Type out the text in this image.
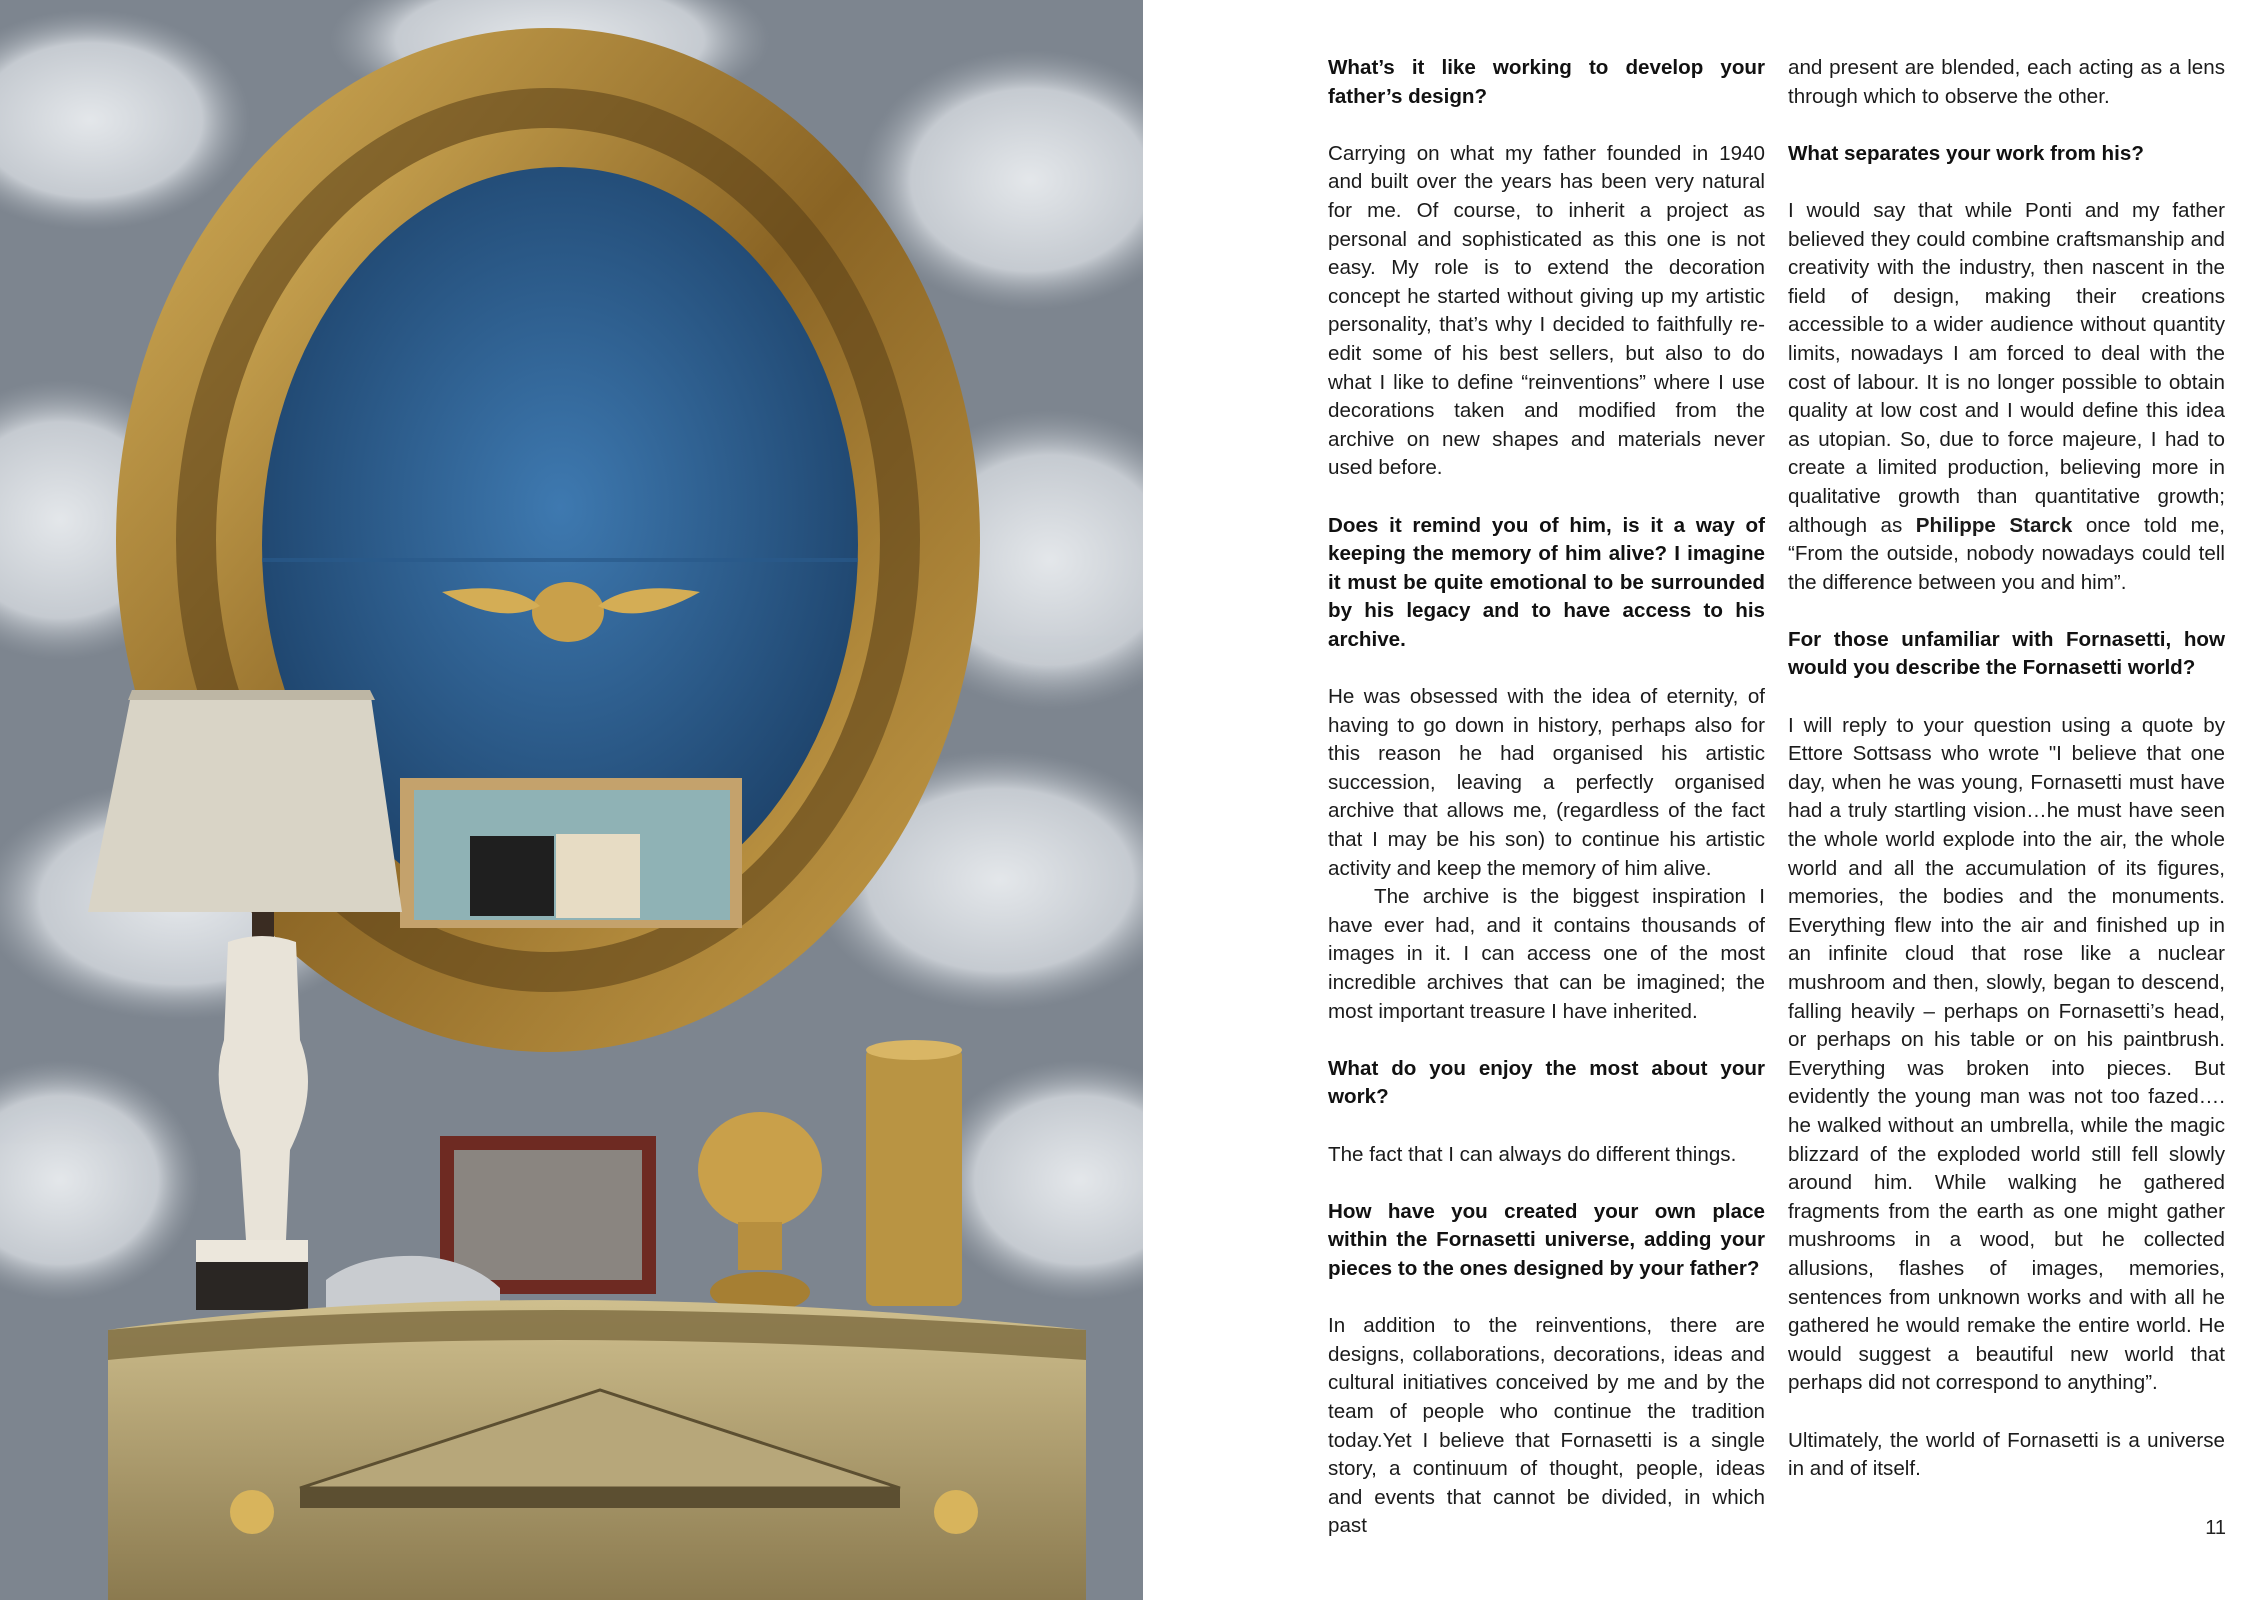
What’s it like working to develop your father’s design?

Carrying on what my father founded in 1940 and built over the years has been very natural for me. Of course, to inherit a project as personal and sophisticated as this one is not easy. My role is to extend the decoration concept he started without giving up my artistic personality, that’s why I decided to faithfully re-edit some of his best sellers, but also to do what I like to define “reinventions” where I use decorations taken and modified from the archive on new shapes and materials never used before.

Does it remind you of him, is it a way of keeping the memory of him alive? I imagine it must be quite emotional to be surrounded by his legacy and to have access to his archive.

He was obsessed with the idea of eternity, of having to go down in history, perhaps also for this reason he had organised his artistic succession, leaving a perfectly organised archive that allows me, (regardless of the fact that I may be his son) to continue his artistic activity and keep the memory of him alive.

The archive is the biggest inspiration I have ever had, and it contains thousands of images in it. I can access one of the most incredible archives that can be imagined; the most important treasure I have inherited.

What do you enjoy the most about your work?

The fact that I can always do different things.

How have you created your own place within the Fornasetti universe, adding your pieces to the ones designed by your father?

In addition to the reinventions, there are designs, collaborations, decorations, ideas and cultural initiatives conceived by me and by the team of people who continue the tradition today.Yet I believe that Fornasetti is a single story, a continuum of thought, people, ideas and events that cannot be divided, in which past

and present are blended, each acting as a lens through which to observe the other.

What separates your work from his?

I would say that while Ponti and my father believed they could combine craftsmanship and creativity with the industry, then nascent in the field of design, making their creations accessible to a wider audience without quantity limits, nowadays I am forced to deal with the cost of labour. It is no longer possible to obtain quality at low cost and I would define this idea as utopian. So, due to force majeure, I had to create a limited production, believing more in qualitative growth than quantitative growth; although as Philippe Starck once told me, “From the outside, nobody nowadays could tell the difference between you and him”.

For those unfamiliar with Fornasetti, how would you describe the Fornasetti world?

I will reply to your question using a quote by Ettore Sottsass who wrote "I believe that one day, when he was young, Fornasetti must have had a truly startling vision…he must have seen the whole world explode into the air, the whole world and all the accumulation of its figures, memories, the bodies and the monuments. Everything flew into the air and finished up in an infinite cloud that rose like a nuclear mushroom and then, slowly, began to descend, falling heavily – perhaps on Fornasetti’s head, or perhaps on his table or on his paintbrush. Everything was broken into pieces. But evidently the young man was not too fazed…. he walked without an umbrella, while the magic blizzard of the exploded world still fell slowly around him. While walking he gathered fragments from the earth as one might gather mushrooms in a wood, but he collected allusions, flashes of images, memories, sentences from unknown works and with all he gathered he would remake the entire world. He would suggest a beautiful new world that perhaps did not correspond to anything”.

Ultimately, the world of Fornasetti is a universe in and of itself.

11
